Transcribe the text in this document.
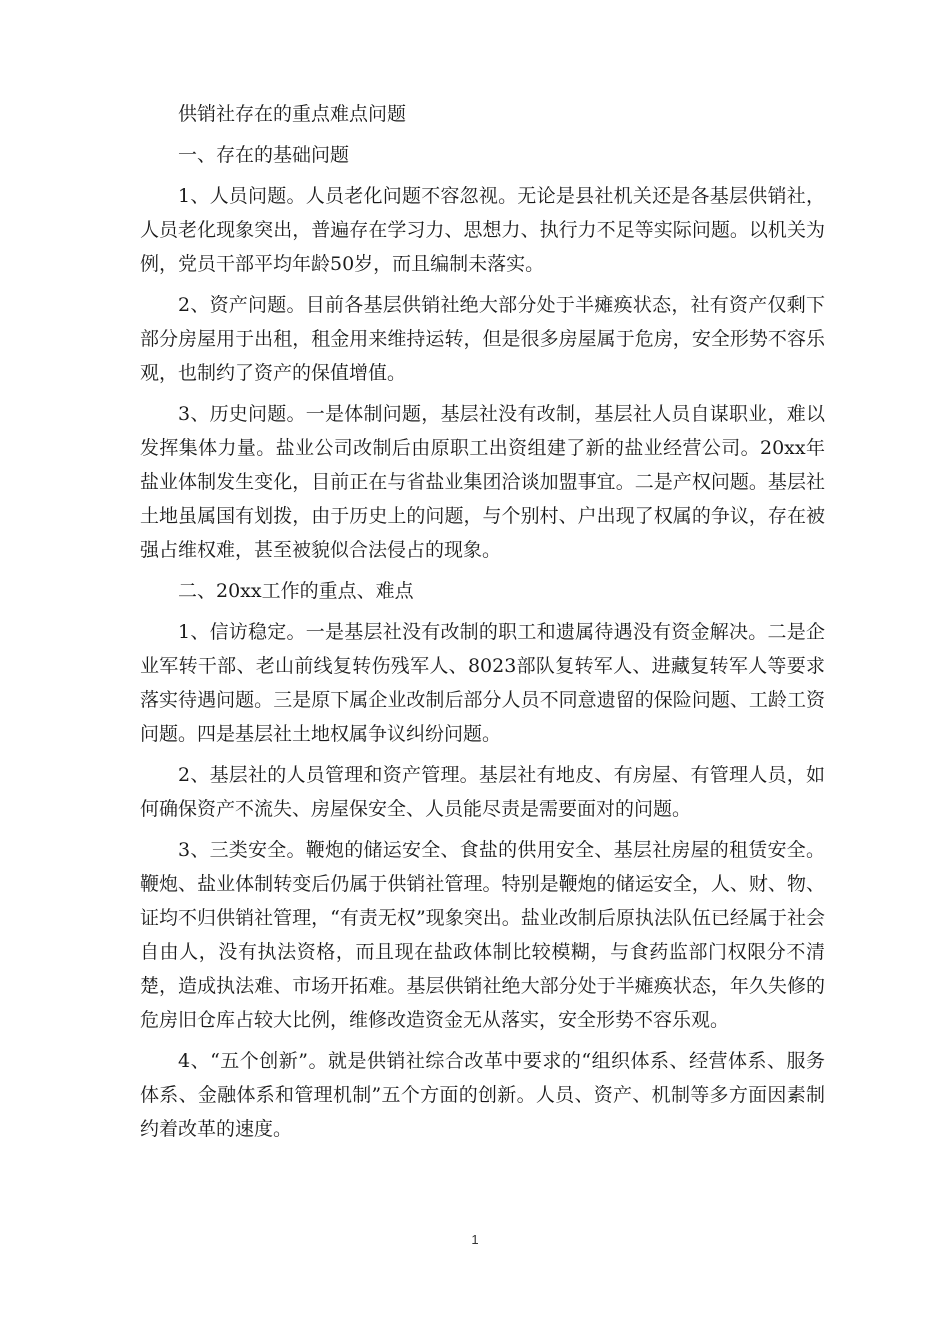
供销社存在的重点难点问题
一、存在的基础问题

1、人员问题。人员老化问题不容忽视。无论是县社机关还是各基层供销社，人员老化现象突出，普遍存在学习力、思想力、执行力不足等实际问题。以机关为例，党员干部平均年龄50岁，而且编制未落实。

2、资产问题。目前各基层供销社绝大部分处于半瘫痪状态，社有资产仅剩下部分房屋用于出租，租金用来维持运转，但是很多房屋属于危房，安全形势不容乐观，也制约了资产的保值增值。

3、历史问题。一是体制问题，基层社没有改制，基层社人员自谋职业，难以发挥集体力量。盐业公司改制后由原职工出资组建了新的盐业经营公司。20xx年盐业体制发生变化，目前正在与省盐业集团洽谈加盟事宜。二是产权问题。基层社土地虽属国有划拨，由于历史上的问题，与个别村、户出现了权属的争议，存在被强占维权难，甚至被貌似合法侵占的现象。

二、20xx工作的重点、难点

1、信访稳定。一是基层社没有改制的职工和遗属待遇没有资金解决。二是企业军转干部、老山前线复转伤残军人、8023部队复转军人、进藏复转军人等要求落实待遇问题。三是原下属企业改制后部分人员不同意遗留的保险问题、工龄工资问题。四是基层社土地权属争议纠纷问题。

2、基层社的人员管理和资产管理。基层社有地皮、有房屋、有管理人员，如何确保资产不流失、房屋保安全、人员能尽责是需要面对的问题。

3、三类安全。鞭炮的储运安全、食盐的供用安全、基层社房屋的租赁安全。鞭炮、盐业体制转变后仍属于供销社管理。特别是鞭炮的储运安全，人、财、物、证均不归供销社管理，“有责无权”现象突出。盐业改制后原执法队伍已经属于社会自由人，没有执法资格，而且现在盐政体制比较模糊，与食药监部门权限分不清楚，造成执法难、市场开拓难。基层供销社绝大部分处于半瘫痪状态，年久失修的危房旧仓库占较大比例，维修改造资金无从落实，安全形势不容乐观。

4、“五个创新”。就是供销社综合改革中要求的“组织体系、经营体系、服务体系、金融体系和管理机制”五个方面的创新。人员、资产、机制等多方面因素制约着改革的速度。

1
